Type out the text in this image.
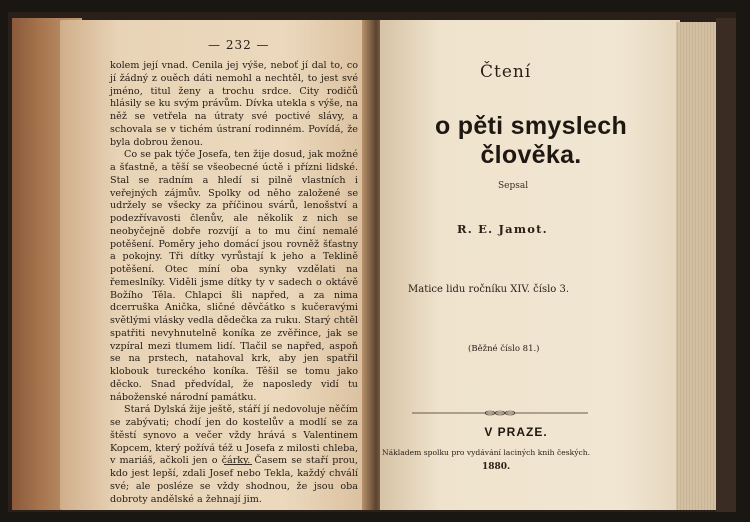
— 232 —

kolem její vnad. Cenila jej výše, neboť jí dal to, co jí žádný z ouěch dáti nemohl a nechtěl, to jest své jméno, titul ženy a trochu srdce. City rodičů hlásily se ku svým právům. Dívka utekla s výše, na něž se vetřela na útraty své poctivé slávy, a schovala se v tichém ústraní rodinném. Povídá, že byla dobrou ženou.

Co se pak týče Josefa, ten žije dosud, jak možné a šťastně, a těší se všeobecné úctě i přízni lidské. Stal se radním a hledí si pilně vlastních i veřejných zájmův. Spolky od něho založené se udržely se všecky za příčinou svárů, lenošství a podezřívavosti členův, ale několik z nich se neobyčejně dobře rozvíjí a to mu činí nemalé potěšení. Poměry jeho domácí jsou rovněž šťastny a pokojny. Tři dítky vyrůstají k jeho a Teklině potěšení. Otec míní oba synky vzdělati na řemeslníky. Viděli jsme dítky ty v sadech o oktávě Božího Těla. Chlapci šli napřed, a za nima dcerruška Anička, sličné děvčátko s kučeravými světlými vlásky vedla dědečka za ruku. Starý chtěl spatřiti nevyhnutelně koníka ze zvěřince, jak se vzpíral mezi tlumem lidí. Tlačil se napřed, aspoň se na prstech, natahoval krk, aby jen spatřil klobouk tureckého koníka. Těšil se tomu jako děcko. Snad předvídal, že naposledy vidí tu náboženské národní památku.

Stará Dylská žije ještě, stáří jí nedovoluje něčím se zabývati; chodí jen do kostelův a modlí se za štěstí synovo a večer vždy hrává s Valentinem Kopcem, který požívá též u Josefa z milosti chleba, v mariáš, ačkoli jen o čárky. Časem se staří prou, kdo jest lepší, zdali Josef nebo Tekla, každý chválí své; ale posléze se vždy shodnou, že jsou oba dobroty andělské a žehnají jim.

Čtení
o pěti smyslech člověka.
Sepsal
R. E. Jamot.
Matice lidu ročníku XIV. číslo 3.
(Běžné číslo 81.)
V PRAZE.
Nákladem spolku pro vydávání laciných knih českých.
1880.
